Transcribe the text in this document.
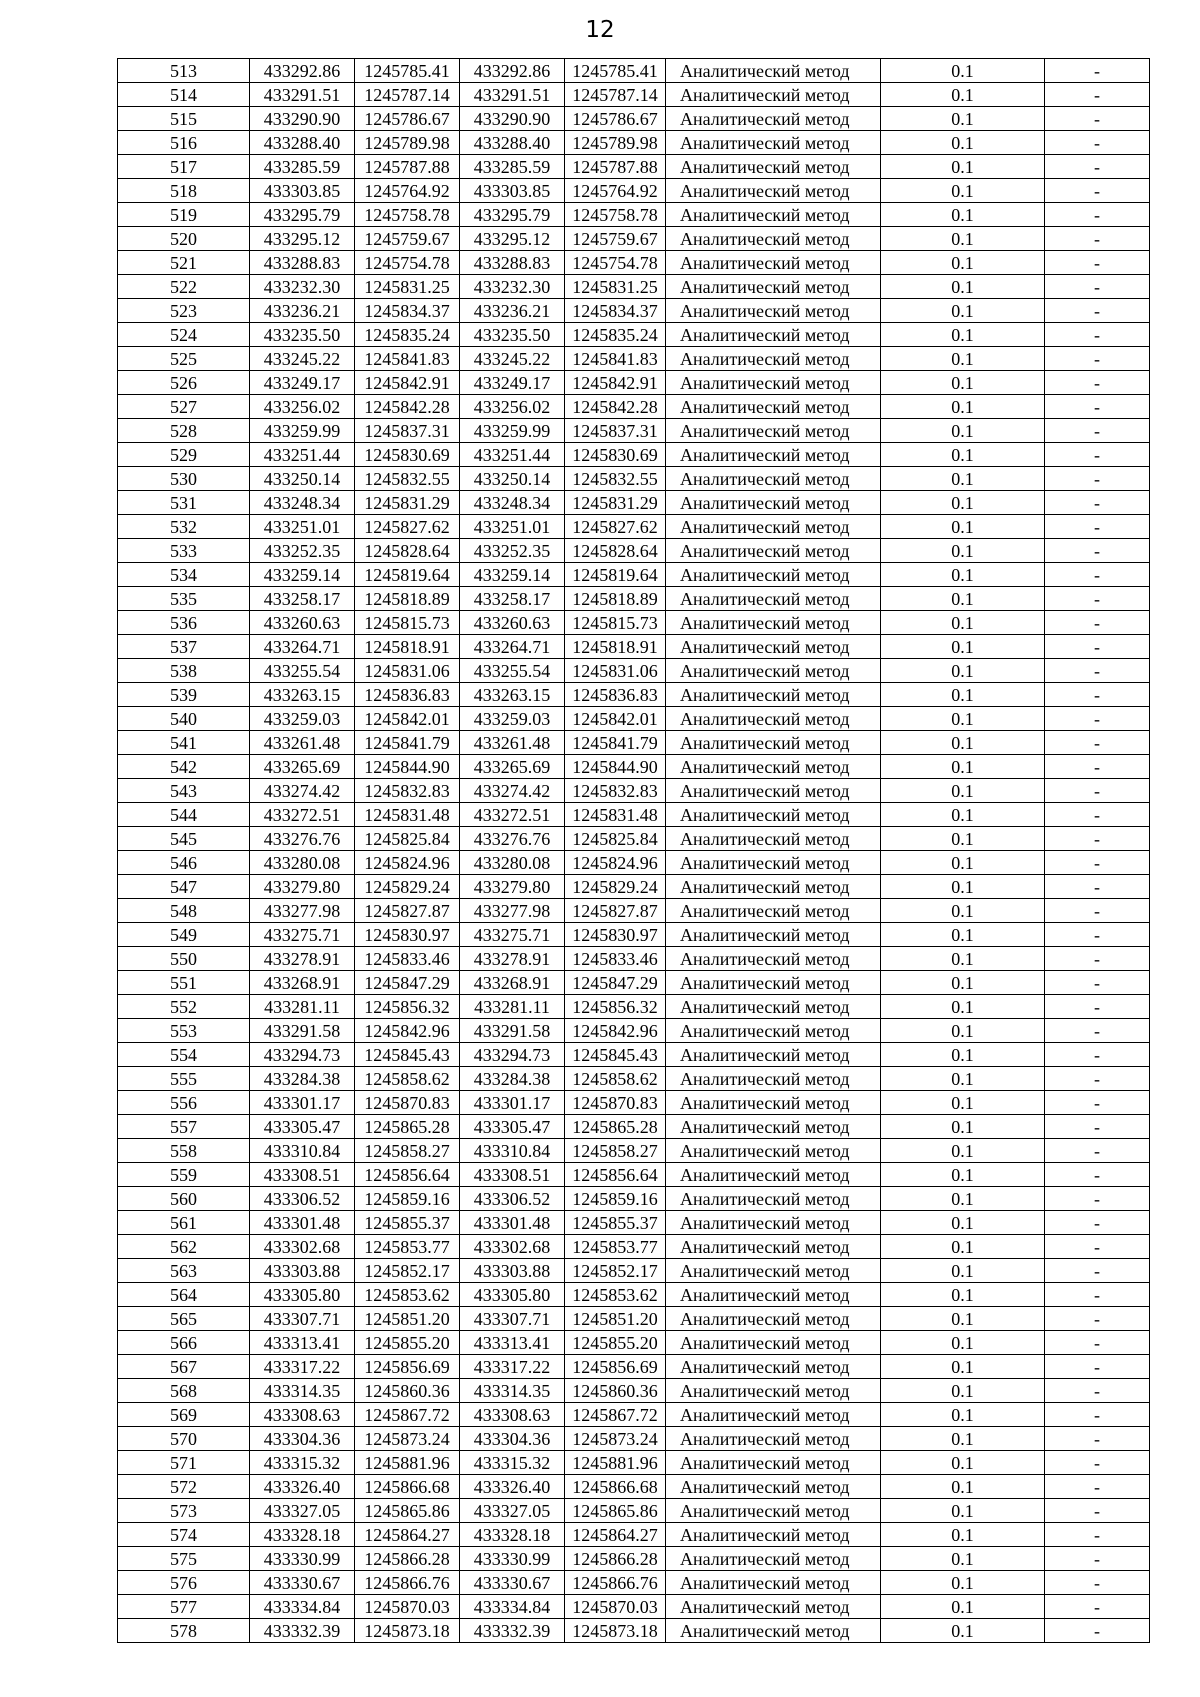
12
513	433292.86	1245785.41	433292.86	1245785.41	Аналитический метод	0.1	-
514	433291.51	1245787.14	433291.51	1245787.14	Аналитический метод	0.1	-
515	433290.90	1245786.67	433290.90	1245786.67	Аналитический метод	0.1	-
516	433288.40	1245789.98	433288.40	1245789.98	Аналитический метод	0.1	-
517	433285.59	1245787.88	433285.59	1245787.88	Аналитический метод	0.1	-
518	433303.85	1245764.92	433303.85	1245764.92	Аналитический метод	0.1	-
519	433295.79	1245758.78	433295.79	1245758.78	Аналитический метод	0.1	-
520	433295.12	1245759.67	433295.12	1245759.67	Аналитический метод	0.1	-
521	433288.83	1245754.78	433288.83	1245754.78	Аналитический метод	0.1	-
522	433232.30	1245831.25	433232.30	1245831.25	Аналитический метод	0.1	-
523	433236.21	1245834.37	433236.21	1245834.37	Аналитический метод	0.1	-
524	433235.50	1245835.24	433235.50	1245835.24	Аналитический метод	0.1	-
525	433245.22	1245841.83	433245.22	1245841.83	Аналитический метод	0.1	-
526	433249.17	1245842.91	433249.17	1245842.91	Аналитический метод	0.1	-
527	433256.02	1245842.28	433256.02	1245842.28	Аналитический метод	0.1	-
528	433259.99	1245837.31	433259.99	1245837.31	Аналитический метод	0.1	-
529	433251.44	1245830.69	433251.44	1245830.69	Аналитический метод	0.1	-
530	433250.14	1245832.55	433250.14	1245832.55	Аналитический метод	0.1	-
531	433248.34	1245831.29	433248.34	1245831.29	Аналитический метод	0.1	-
532	433251.01	1245827.62	433251.01	1245827.62	Аналитический метод	0.1	-
533	433252.35	1245828.64	433252.35	1245828.64	Аналитический метод	0.1	-
534	433259.14	1245819.64	433259.14	1245819.64	Аналитический метод	0.1	-
535	433258.17	1245818.89	433258.17	1245818.89	Аналитический метод	0.1	-
536	433260.63	1245815.73	433260.63	1245815.73	Аналитический метод	0.1	-
537	433264.71	1245818.91	433264.71	1245818.91	Аналитический метод	0.1	-
538	433255.54	1245831.06	433255.54	1245831.06	Аналитический метод	0.1	-
539	433263.15	1245836.83	433263.15	1245836.83	Аналитический метод	0.1	-
540	433259.03	1245842.01	433259.03	1245842.01	Аналитический метод	0.1	-
541	433261.48	1245841.79	433261.48	1245841.79	Аналитический метод	0.1	-
542	433265.69	1245844.90	433265.69	1245844.90	Аналитический метод	0.1	-
543	433274.42	1245832.83	433274.42	1245832.83	Аналитический метод	0.1	-
544	433272.51	1245831.48	433272.51	1245831.48	Аналитический метод	0.1	-
545	433276.76	1245825.84	433276.76	1245825.84	Аналитический метод	0.1	-
546	433280.08	1245824.96	433280.08	1245824.96	Аналитический метод	0.1	-
547	433279.80	1245829.24	433279.80	1245829.24	Аналитический метод	0.1	-
548	433277.98	1245827.87	433277.98	1245827.87	Аналитический метод	0.1	-
549	433275.71	1245830.97	433275.71	1245830.97	Аналитический метод	0.1	-
550	433278.91	1245833.46	433278.91	1245833.46	Аналитический метод	0.1	-
551	433268.91	1245847.29	433268.91	1245847.29	Аналитический метод	0.1	-
552	433281.11	1245856.32	433281.11	1245856.32	Аналитический метод	0.1	-
553	433291.58	1245842.96	433291.58	1245842.96	Аналитический метод	0.1	-
554	433294.73	1245845.43	433294.73	1245845.43	Аналитический метод	0.1	-
555	433284.38	1245858.62	433284.38	1245858.62	Аналитический метод	0.1	-
556	433301.17	1245870.83	433301.17	1245870.83	Аналитический метод	0.1	-
557	433305.47	1245865.28	433305.47	1245865.28	Аналитический метод	0.1	-
558	433310.84	1245858.27	433310.84	1245858.27	Аналитический метод	0.1	-
559	433308.51	1245856.64	433308.51	1245856.64	Аналитический метод	0.1	-
560	433306.52	1245859.16	433306.52	1245859.16	Аналитический метод	0.1	-
561	433301.48	1245855.37	433301.48	1245855.37	Аналитический метод	0.1	-
562	433302.68	1245853.77	433302.68	1245853.77	Аналитический метод	0.1	-
563	433303.88	1245852.17	433303.88	1245852.17	Аналитический метод	0.1	-
564	433305.80	1245853.62	433305.80	1245853.62	Аналитический метод	0.1	-
565	433307.71	1245851.20	433307.71	1245851.20	Аналитический метод	0.1	-
566	433313.41	1245855.20	433313.41	1245855.20	Аналитический метод	0.1	-
567	433317.22	1245856.69	433317.22	1245856.69	Аналитический метод	0.1	-
568	433314.35	1245860.36	433314.35	1245860.36	Аналитический метод	0.1	-
569	433308.63	1245867.72	433308.63	1245867.72	Аналитический метод	0.1	-
570	433304.36	1245873.24	433304.36	1245873.24	Аналитический метод	0.1	-
571	433315.32	1245881.96	433315.32	1245881.96	Аналитический метод	0.1	-
572	433326.40	1245866.68	433326.40	1245866.68	Аналитический метод	0.1	-
573	433327.05	1245865.86	433327.05	1245865.86	Аналитический метод	0.1	-
574	433328.18	1245864.27	433328.18	1245864.27	Аналитический метод	0.1	-
575	433330.99	1245866.28	433330.99	1245866.28	Аналитический метод	0.1	-
576	433330.67	1245866.76	433330.67	1245866.76	Аналитический метод	0.1	-
577	433334.84	1245870.03	433334.84	1245870.03	Аналитический метод	0.1	-
578	433332.39	1245873.18	433332.39	1245873.18	Аналитический метод	0.1	-
